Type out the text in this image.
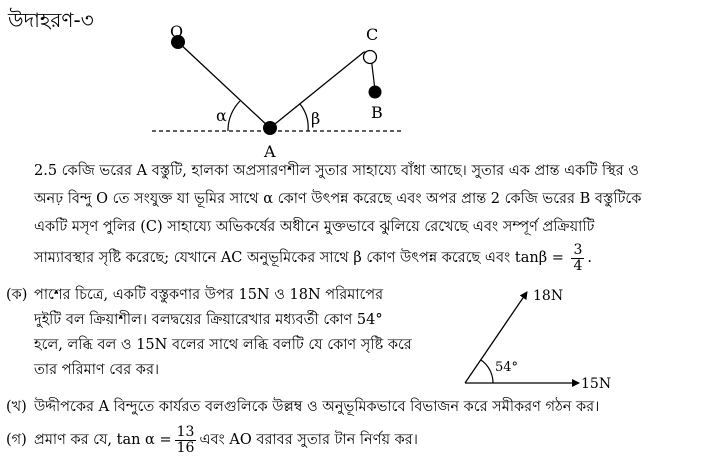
উদাহরণ-৩	O	C
B
A
α	β
2.5 কেজি ভরের A বস্তুটি, হালকা অপ্রসারণশীল সুতার সাহায্যে বাঁধা আছে। সুতার এক প্রান্ত একটি স্থির ও
অনঢ় বিন্দু O তে সংযুক্ত যা ভূমির সাথে α কোণ উৎপন্ন করেছে এবং অপর প্রান্ত 2 কেজি ভরের B বস্তুটিকে
একটি মসৃণ পুলির (C) সাহায্যে অভিকর্ষের অধীনে মুক্তভাবে ঝুলিয়ে রেখেছে এবং সম্পূর্ণ প্রক্রিয়াটি
সাম্যাবস্থার সৃষ্টি করেছে; যেখানে AC অনুভূমিকের সাথে β কোণ উৎপন্ন করেছে এবং $\tan\beta = \frac{3}{4}$ .
(ক) পাশের চিত্রে, একটি বস্তুকণার উপর 15N ও 18N পরিমাপের
দুইটি বল ক্রিয়াশীল। বলদ্বয়ের ক্রিয়ারেখার মধ্যবর্তী কোণ 54°
হলে, লব্ধি বল ও 15N বলের সাথে লব্ধি বলটি যে কোণ সৃষ্টি করে
তার পরিমাণ বের কর।
18N
15N
54°
(খ) উদ্দীপকের A বিন্দুতে কার্যরত বলগুলিকে উল্লম্ব ও অনুভূমিকভাবে বিভাজন করে সমীকরণ গঠন কর।
(গ) প্রমাণ কর যে, $\tan \alpha = \frac{13}{16}$ এবং AO বরাবর সুতার টান নির্ণয় কর।
